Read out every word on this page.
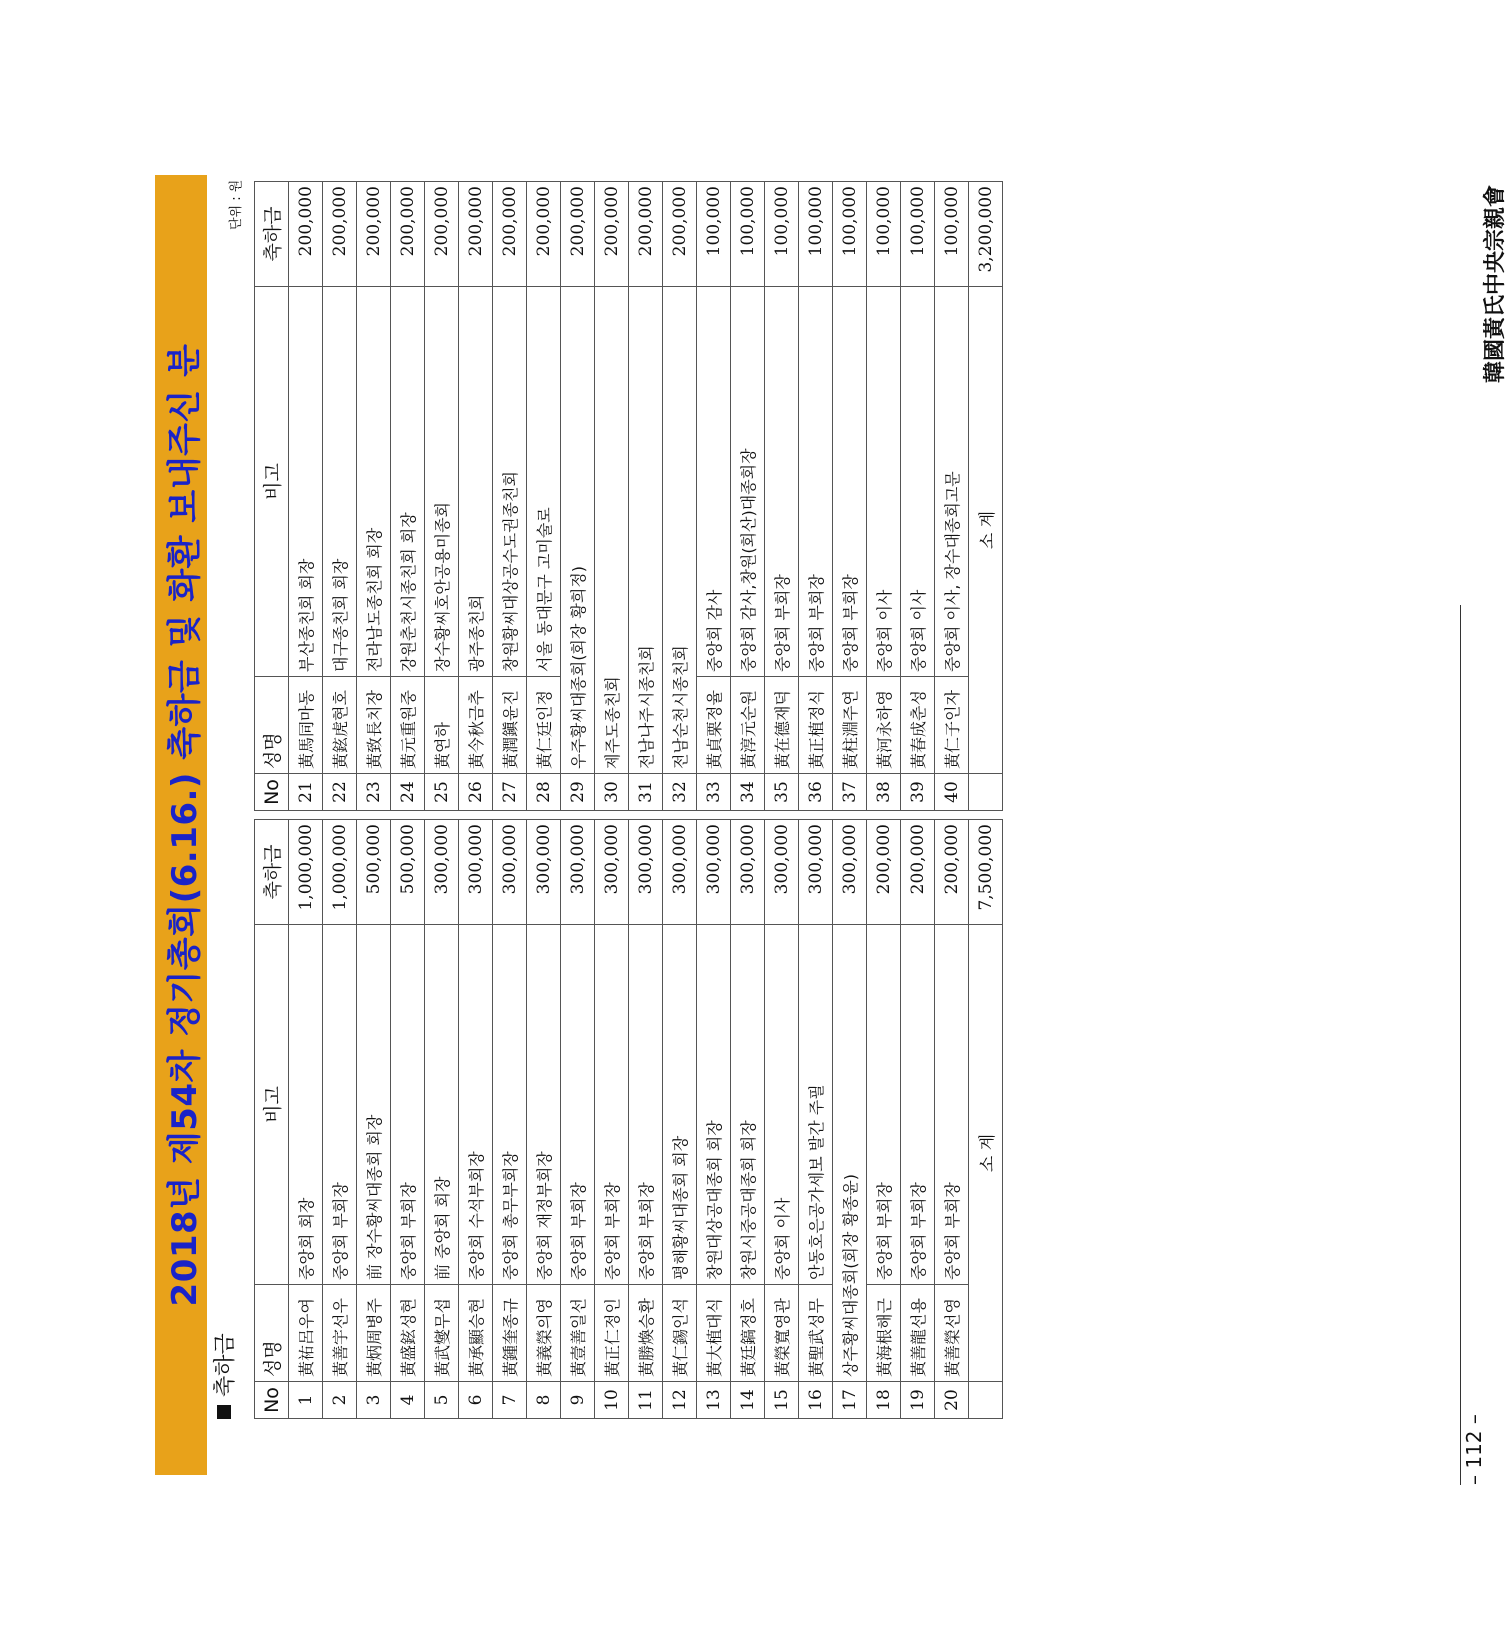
2018년 제54차 정기총회(6.16.) 축하금 및 화환 보내주신 분
축하금
단위 : 원
No	성명	비고	축하금
1	黃祐呂우여	중앙회 회장	1,000,000
2	黃善宇선우	중앙회 부회장	1,000,000
3	黃炳周병주	前 장수황씨대종회 회장	500,000
4	黃盛鉉성현	중앙회 부회장	500,000
5	黃武燮무섭	前 중앙회 회장	300,000
6	黃承顯승현	중앙회 수석부회장	300,000
7	黃鍾奎종규	중앙회 총무부회장	300,000
8	黃義榮의영	중앙회 재정부회장	300,000
9	黃壹善일선	중앙회 부회장	300,000
10	黃正仁정인	중앙회 부회장	300,000
11	黃勝煥승환	중앙회 부회장	300,000
12	黃仁錫인석	평해황씨대종회 회장	300,000
13	黃大植대식	창원대상공대종회 회장	300,000
14	黃廷鎬정호	창원시중공대종회 회장	300,000
15	黃榮寬영관	중앙회 이사	300,000
16	黃聖武성무	안동호은공가세보 발간 주필	300,000
17	상주황씨대종회(회장 황종윤)		300,000
18	黃海根해근	중앙회 부회장	200,000
19	黃善龍선용	중앙회 부회장	200,000
20	黃善榮선영	중앙회 부회장	200,000
	소 계		7,500,000
No	성명	비고	축하금
21	黃馬同마동	부산종친회 회장	200,000
22	黃鉉虎현호	대구종친회 회장	200,000
23	黃致長치장	전라남도종친회 회장	200,000
24	黃元重원중	강원춘천시종친회 회장	200,000
25	黃연하	장수황씨호안공용미종회	200,000
26	黃今秋금추	광주종친회	200,000
27	黃潤鎭윤진	창원황씨대상공수도권종친회	200,000
28	黃仁廷인정	서울 동대문구 고미술로	200,000
29	우주황씨대종회(회장 황희정)		200,000
30	제주도종친회		200,000
31	전남나주시종친회		200,000
32	전남순천시종친회		200,000
33	黃貞栗정율	중앙회 감사	100,000
34	黃淳元순원	중앙회 감사,창원(회산)대종회장	100,000
35	黃在德재덕	중앙회 부회장	100,000
36	黃正植정식	중앙회 부회장	100,000
37	黃柱淵주연	중앙회 부회장	100,000
38	黃河永하영	중앙회 이사	100,000
39	黃春成춘성	중앙회 이사	100,000
40	黃仁子인자	중앙회 이사, 장수대종회고문	100,000
	소 계		3,200,000
– 112 –
韓國黃氏中央宗親會
